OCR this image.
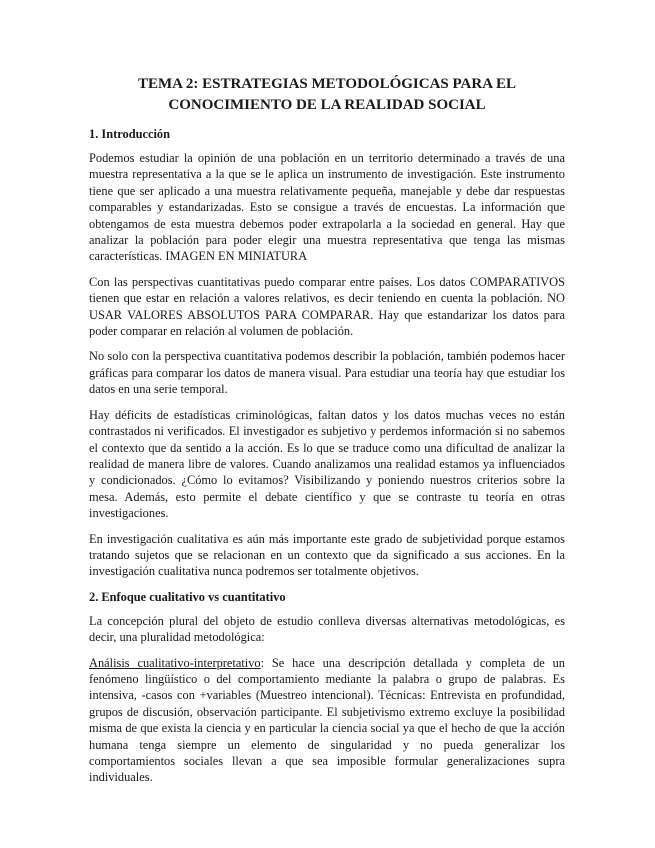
TEMA 2: ESTRATEGIAS METODOLÓGICAS PARA EL
CONOCIMIENTO DE LA REALIDAD SOCIAL
1. Introducción

Podemos estudiar la opinión de una población en un territorio determinado a través de una muestra representativa a la que se le aplica un instrumento de investigación. Este instrumento tiene que ser aplicado a una muestra relativamente pequeña, manejable y debe dar respuestas comparables y estandarizadas. Esto se consigue a través de encuestas. La información que obtengamos de esta muestra debemos poder extrapolarla a la sociedad en general. Hay que analizar la población para poder elegir una muestra representativa que tenga las mismas características. IMAGEN EN MINIATURA

Con las perspectivas cuantitativas puedo comparar entre países. Los datos COMPARATIVOS tienen que estar en relación a valores relativos, es decir teniendo en cuenta la población. NO USAR VALORES ABSOLUTOS PARA COMPARAR. Hay que estandarizar los datos para poder comparar en relación al volumen de población.

No solo con la perspectiva cuantitativa podemos describir la población, también podemos hacer gráficas para comparar los datos de manera visual. Para estudiar una teoría hay que estudiar los datos en una serie temporal.

Hay déficits de estadísticas criminológicas, faltan datos y los datos muchas veces no están contrastados ni verificados. El investigador es subjetivo y perdemos información si no sabemos el contexto que da sentido a la acción. Es lo que se traduce como una dificultad de analizar la realidad de manera libre de valores. Cuando analizamos una realidad estamos ya influenciados y condicionados. ¿Cómo lo evitamos? Visibilizando y poniendo nuestros criterios sobre la mesa. Además, esto permite el debate científico y que se contraste tu teoría en otras investigaciones.

En investigación cualitativa es aún más importante este grado de subjetividad porque estamos tratando sujetos que se relacionan en un contexto que da significado a sus acciones. En la investigación cualitativa nunca podremos ser totalmente objetivos.

2. Enfoque cualitativo vs cuantitativo

La concepción plural del objeto de estudio conlleva diversas alternativas metodológicas, es decir, una pluralidad metodológica:

Análisis cualitativo-interpretativo: Se hace una descripción detallada y completa de un fenómeno lingüístico o del comportamiento mediante la palabra o grupo de palabras. Es intensiva, -casos con +variables (Muestreo intencional). Técnicas: Entrevista en profundidad, grupos de discusión, observación participante. El subjetivismo extremo excluye la posibilidad misma de que exista la ciencia y en particular la ciencia social ya que el hecho de que la acción humana tenga siempre un elemento de singularidad y no pueda generalizar los comportamientos sociales llevan a que sea imposible formular generalizaciones supra individuales.
